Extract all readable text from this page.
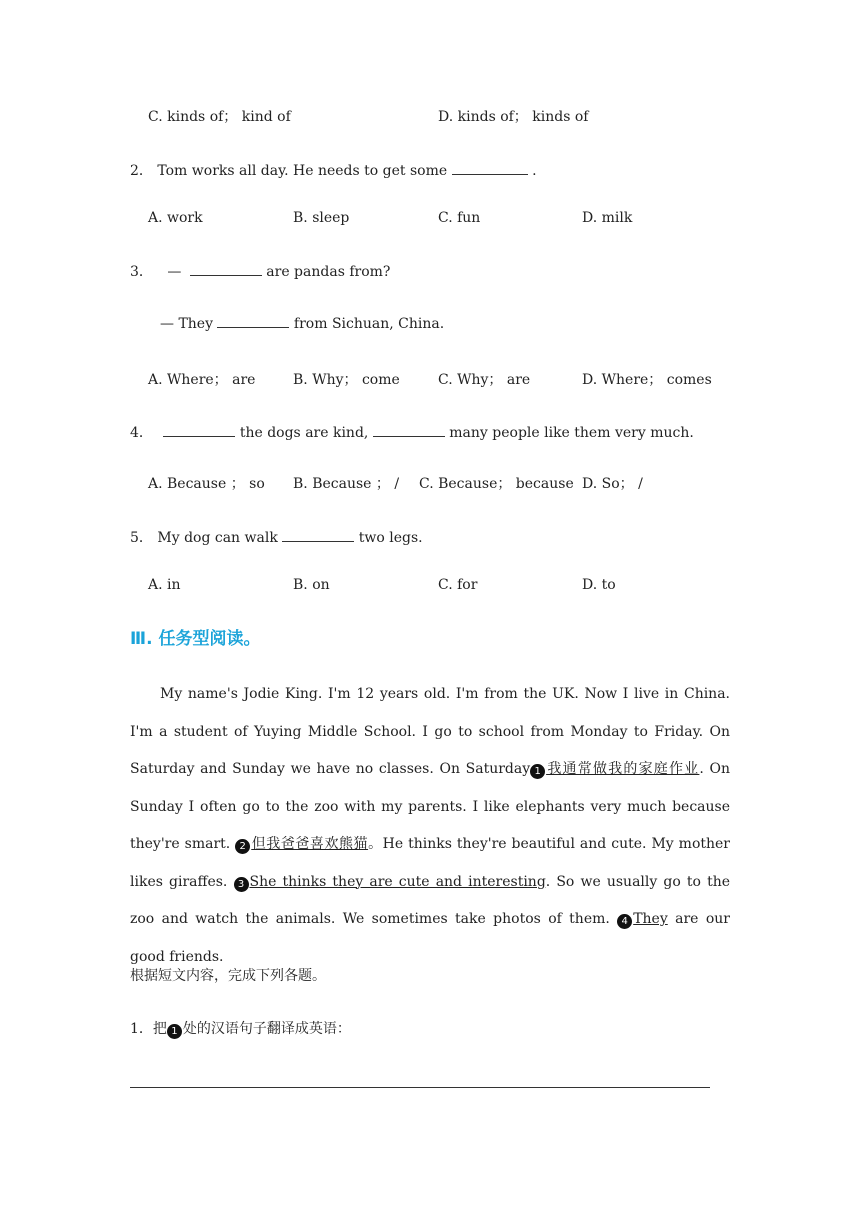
C. kinds of； kind of	D. kinds of； kinds of
2． Tom works all day. He needs to get some	.
A. work	B. sleep	C. fun	D. milk
3． —	are pandas from?
— They	from Sichuan, China.
A. Where； are	B. Why； come	C. Why； are	D. Where； comes
4．	the dogs are kind,	many people like them very much.
A. Because ； so B. Because ； / C. Because； because D. So； /
5． My dog can walk	two legs.
A. in	B. on	C. for	D. to
Ⅲ. 任务型阅读。
My name's Jodie King. I'm 12 years old. I'm from the UK. Now I live in China. I'm a student of Yuying Middle School. I go to school from Monday to Friday. On Saturday and Sunday we have no classes. On Saturday 1 我通常做我的家庭作业. On Sunday I often go to the zoo with my parents. I like elephants very much because they're smart. 2 但我爸爸喜欢熊猫。He thinks they're beautiful and cute. My mother likes giraffes. 3 She thinks they are cute and interesting. So we usually go to the zoo and watch the animals. We sometimes take photos of them. 4 They are our good friends.
根据短文内容，完成下列各题。
1．把 1 处的汉语句子翻译成英语：
